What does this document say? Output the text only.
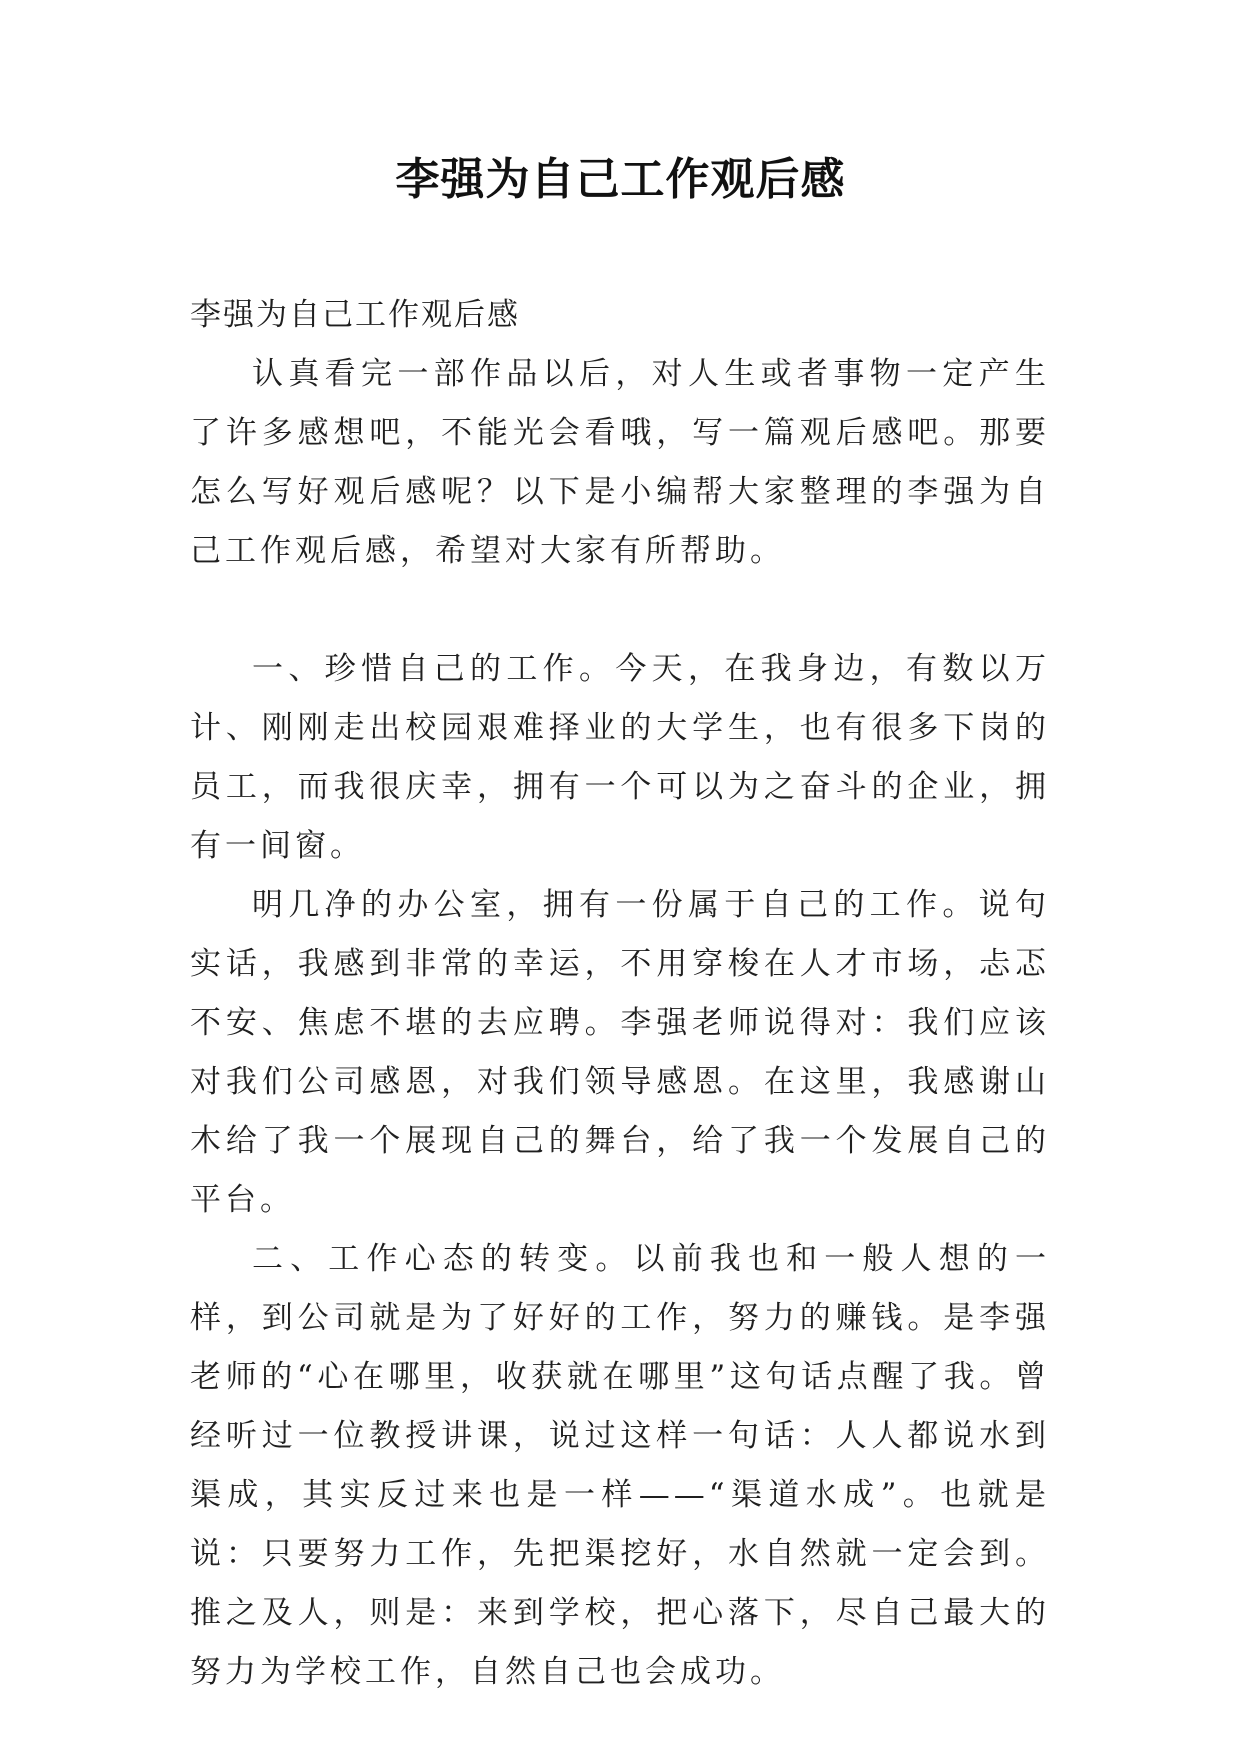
李强为自己工作观后感
李强为自己工作观后感

认真看完一部作品以后，对人生或者事物一定产生了许多感想吧，不能光会看哦，写一篇观后感吧。那要怎么写好观后感呢？以下是小编帮大家整理的李强为自己工作观后感，希望对大家有所帮助。

一、珍惜自己的工作。今天，在我身边，有数以万计、刚刚走出校园艰难择业的大学生，也有很多下岗的员工，而我很庆幸，拥有一个可以为之奋斗的企业，拥有一间窗。

明几净的办公室，拥有一份属于自己的工作。说句实话，我感到非常的幸运，不用穿梭在人才市场，忐忑不安、焦虑不堪的去应聘。李强老师说得对：我们应该对我们公司感恩，对我们领导感恩。在这里，我感谢山木给了我一个展现自己的舞台，给了我一个发展自己的平台。

二、工作心态的转变。以前我也和一般人想的一样，到公司就是为了好好的工作，努力的赚钱。是李强老师的“心在哪里，收获就在哪里”这句话点醒了我。曾经听过一位教授讲课，说过这样一句话：人人都说水到渠成，其实反过来也是一样——“渠道水成”。也就是说：只要努力工作，先把渠挖好，水自然就一定会到。推之及人，则是：来到学校，把心落下，尽自己最大的努力为学校工作，自然自己也会成功。
